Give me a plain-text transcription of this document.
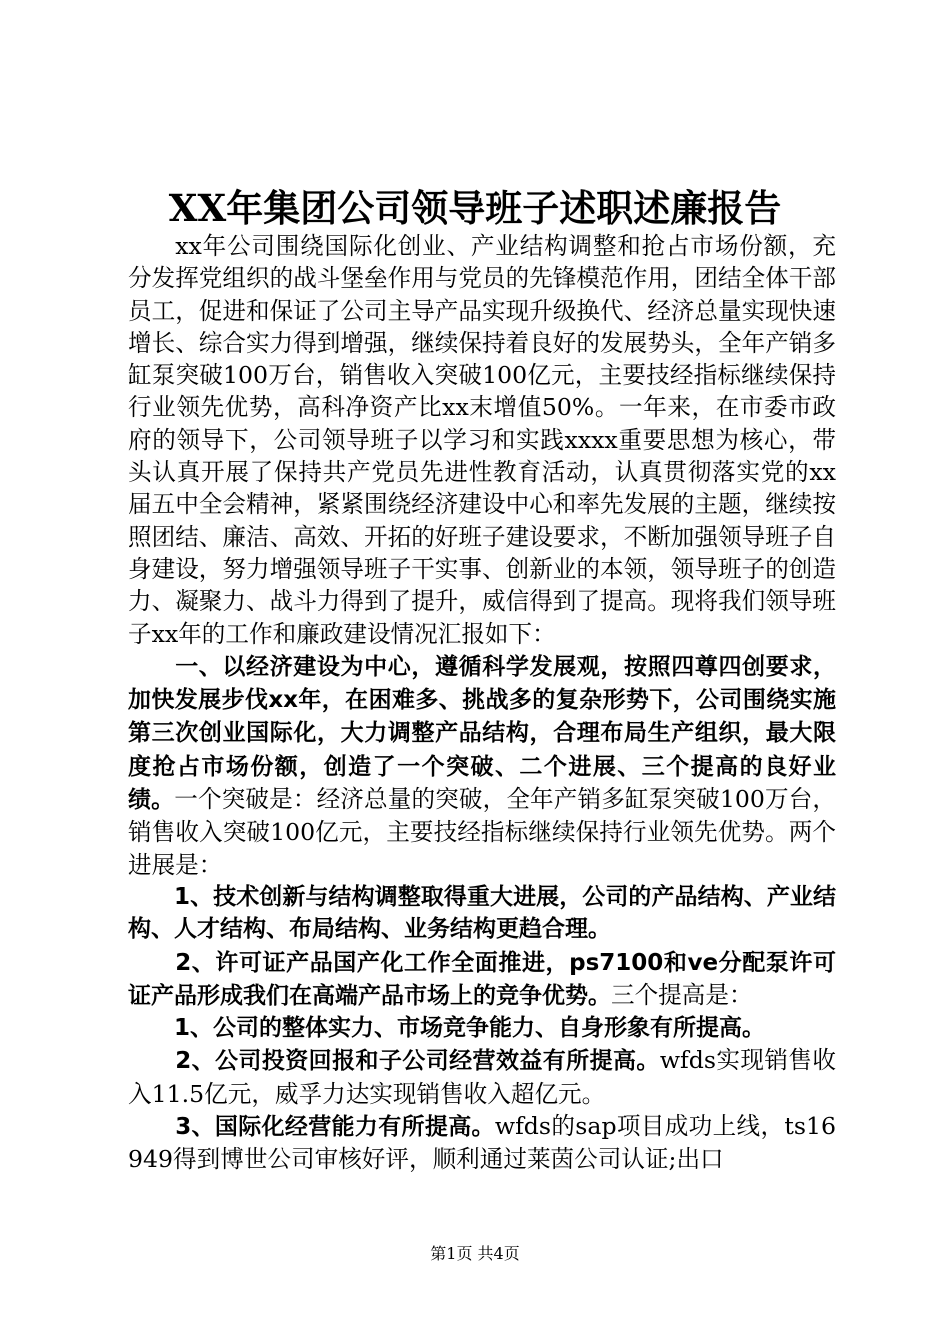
XX年集团公司领导班子述职述廉报告

xx年公司围绕国际化创业、产业结构调整和抢占市场份额，充分发挥党组织的战斗堡垒作用与党员的先锋模范作用，团结全体干部员工，促进和保证了公司主导产品实现升级换代、经济总量实现快速增长、综合实力得到增强，继续保持着良好的发展势头，全年产销多缸泵突破100万台，销售收入突破100亿元，主要技经指标继续保持行业领先优势，高科净资产比xx末增值50%。一年来，在市委市政府的领导下，公司领导班子以学习和实践xxxx重要思想为核心，带头认真开展了保持共产党员先进性教育活动，认真贯彻落实党的xx届五中全会精神，紧紧围绕经济建设中心和率先发展的主题，继续按照团结、廉洁、高效、开拓的好班子建设要求，不断加强领导班子自身建设，努力增强领导班子干实事、创新业的本领，领导班子的创造力、凝聚力、战斗力得到了提升，威信得到了提高。现将我们领导班子xx年的工作和廉政建设情况汇报如下：

一、以经济建设为中心，遵循科学发展观，按照四尊四创要求，加快发展步伐xx年，在困难多、挑战多的复杂形势下，公司围绕实施第三次创业国际化，大力调整产品结构，合理布局生产组织，最大限度抢占市场份额，创造了一个突破、二个进展、三个提高的良好业绩。一个突破是：经济总量的突破，全年产销多缸泵突破100万台，销售收入突破100亿元，主要技经指标继续保持行业领先优势。两个进展是：

1、技术创新与结构调整取得重大进展，公司的产品结构、产业结构、人才结构、布局结构、业务结构更趋合理。

2、许可证产品国产化工作全面推进，ps7100和ve分配泵许可证产品形成我们在高端产品市场上的竞争优势。三个提高是：

1、公司的整体实力、市场竞争能力、自身形象有所提高。

2、公司投资回报和子公司经营效益有所提高。wfds实现销售收入11.5亿元，威孚力达实现销售收入超亿元。

3、国际化经营能力有所提高。wfds的sap项目成功上线，ts16949得到博世公司审核好评，顺利通过莱茵公司认证;出口

第1页 共4页
